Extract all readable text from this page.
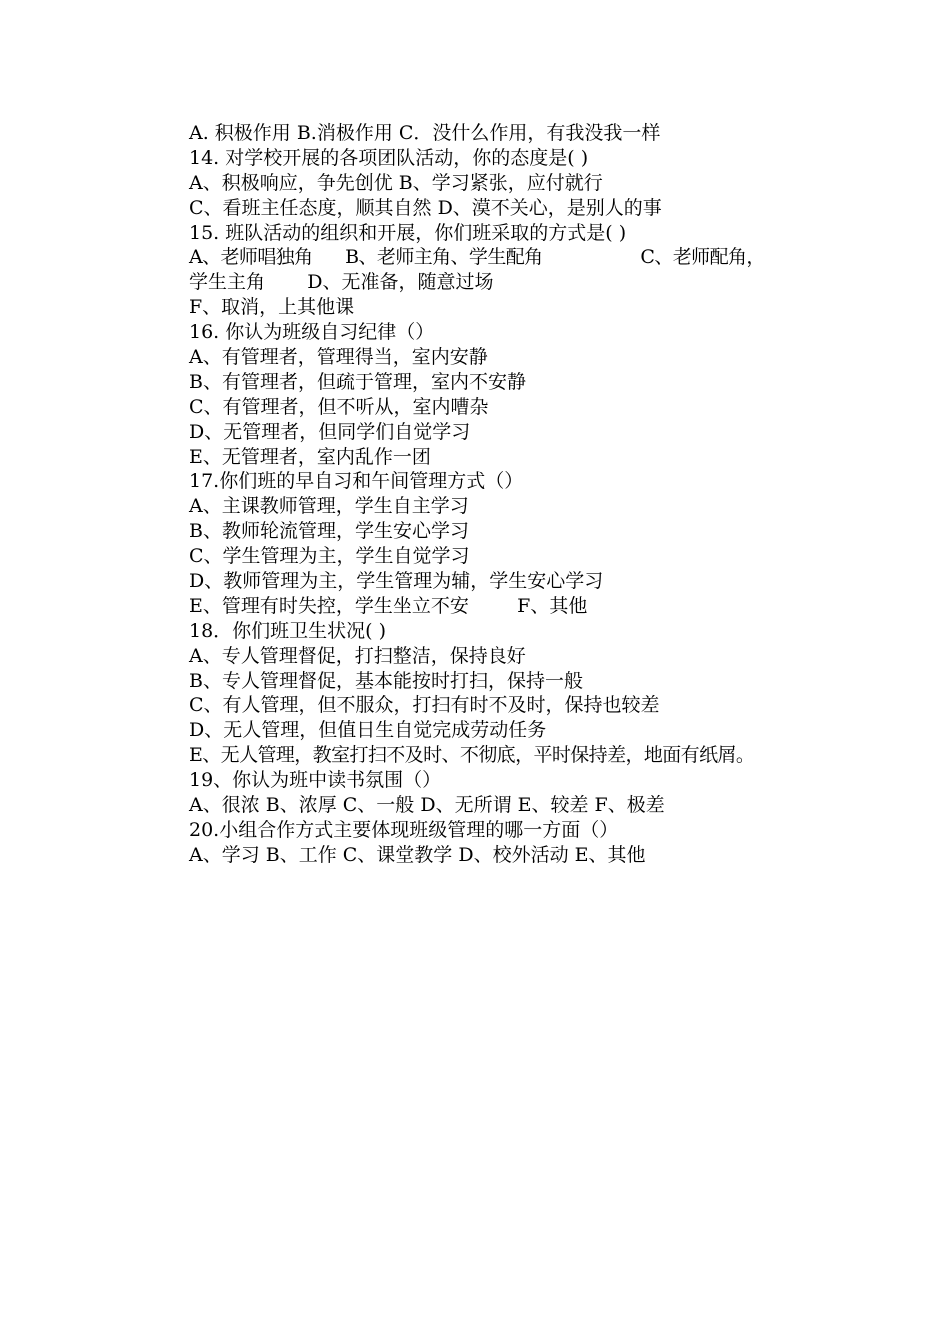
A. 积极作用 B.消极作用 C．没什么作用，有我没我一样
14. 对学校开展的各项团队活动，你的态度是( )
A、积极响应，争先创优 B、学习紧张，应付就行
C、看班主任态度，顺其自然 D、漠不关心，是别人的事
15. 班队活动的组织和开展，你们班采取的方式是( )
A、老师唱独角      B、老师主角、学生配角                  C、老师配角，
学生主角       D、无准备，随意过场
F、取消，上其他课
16. 你认为班级自习纪律（）
A、有管理者，管理得当，室内安静
B、有管理者，但疏于管理，室内不安静
C、有管理者，但不听从，室内嘈杂
D、无管理者，但同学们自觉学习
E、无管理者，室内乱作一团
17.你们班的早自习和午间管理方式（）
A、主课教师管理，学生自主学习
B、教师轮流管理，学生安心学习
C、学生管理为主，学生自觉学习
D、教师管理为主，学生管理为辅，学生安心学习
E、管理有时失控，学生坐立不安        F、其他
18．你们班卫生状况( )
A、专人管理督促，打扫整洁，保持良好
B、专人管理督促，基本能按时打扫，保持一般
C、有人管理，但不服众，打扫有时不及时，保持也较差
D、无人管理，但值日生自觉完成劳动任务
E、无人管理，教室打扫不及时、不彻底，平时保持差，地面有纸屑。
19、你认为班中读书氛围（）
A、很浓 B、浓厚 C、一般 D、无所谓 E、较差 F、极差
20.小组合作方式主要体现班级管理的哪一方面（）
A、学习 B、工作 C、课堂教学 D、校外活动 E、其他
